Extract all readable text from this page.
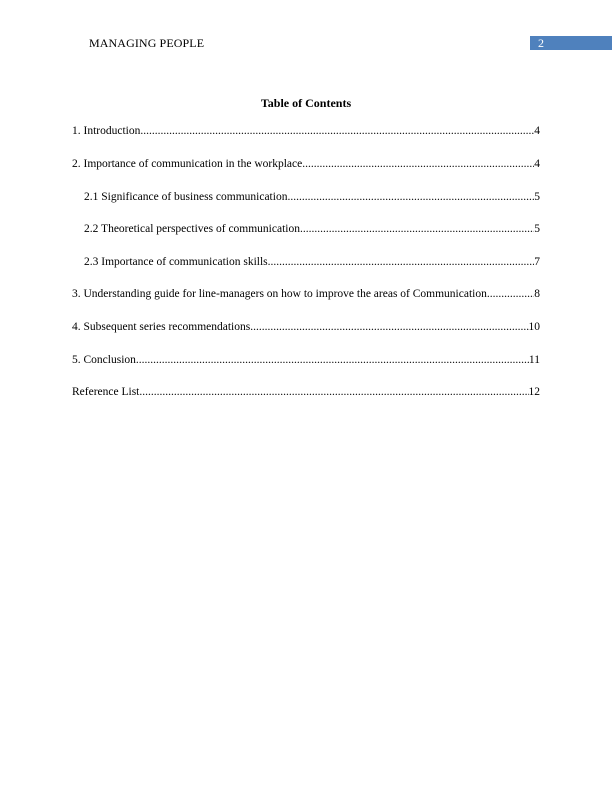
MANAGING PEOPLE	2
Table of Contents
1. Introduction .....	4
2. Importance of communication in the workplace .....	4
2.1 Significance of business communication .....	5
2.2 Theoretical perspectives of communication .....	5
2.3 Importance of communication skills .....	7
3. Understanding guide for line-managers on how to improve the areas of Communication .....	8
4. Subsequent series recommendations .....	10
5. Conclusion .....	11
Reference List .....	12
